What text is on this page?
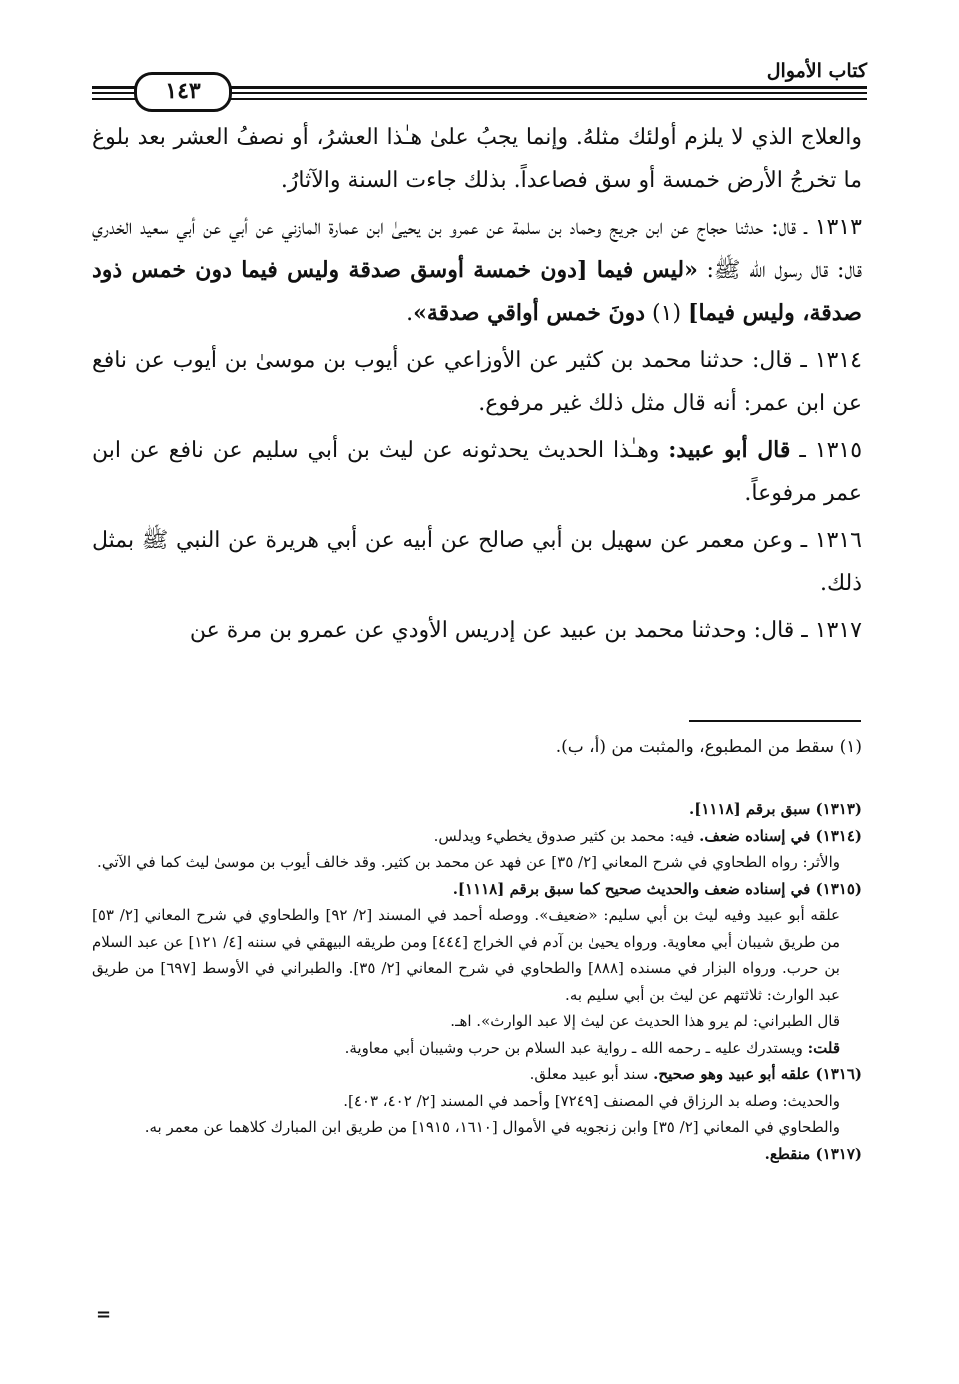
كتاب الأموال
١٤٣

والعلاج الذي لا يلزم أولئك مثلهُ. وإنما يجبُ علىٰ هـٰذا العشرُ، أو نصفُ العشر بعد بلوغ ما تخرجُ الأرض خمسة أو سق فصاعداً. بذلك جاءت السنة والآثارُ.

١٣١٣ ـ قال: حدثنا حجاج عن ابن جريج وحماد بن سلمة عن عمرو بن يحيىٰ ابن عمارة المازني عن أبي عن أبي سعيد الخدري قال: قال رسول الله ﷺ: «ليس فيما [دون خمسة أوسق صدقة وليس فيما دون خمس ذود صدقة، وليس فيما] (١) دونَ خمس أواقي صدقة».

١٣١٤ ـ قال: حدثنا محمد بن كثير عن الأوزاعي عن أيوب بن موسىٰ بن أيوب عن نافع عن ابن عمر: أنه قال مثل ذلك غير مرفوع.

١٣١٥ ـ قال أبو عبيد: وهـٰذا الحديث يحدثونه عن ليث بن أبي سليم عن نافع عن ابن عمر مرفوعاً.

١٣١٦ ـ وعن معمر عن سهيل بن أبي صالح عن أبيه عن أبي هريرة عن النبي ﷺ بمثل ذلك.

١٣١٧ ـ قال: وحدثنا محمد بن عبيد عن إدريس الأودي عن عمرو بن مرة عن

(١) سقط من المطبوع، والمثبت من (أ، ب).

(١٣١٣) سبق برقم [١١١٨].

(١٣١٤) في إسناده ضعف. فيه: محمد بن كثير صدوق يخطيء ويدلس.

والأثر: رواه الطحاوي في شرح المعاني [٢/ ٣٥] عن فهد عن محمد بن كثير. وقد خالف أيوب بن موسىٰ ليث كما في الآتي.

(١٣١٥) في إسناده ضعف والحديث صحيح كما سبق برقم [١١١٨].

علقه أبو عبيد وفيه ليث بن أبي سليم: «ضعيف». ووصله أحمد في المسند [٢/ ٩٢] والطحاوي في شرح المعاني [٢/ ٥٣] من طريق شيبان أبي معاوية. ورواه يحيىٰ بن آدم في الخراج [٤٤٤] ومن طريقه البيهقي في سننه [٤/ ١٢١] عن عبد السلام بن حرب. ورواه البزار في مسنده [٨٨٨] والطحاوي في شرح المعاني [٢/ ٣٥]. والطبراني في الأوسط [٦٩٧] من طريق عبد الوارث: ثلاثتهم عن ليث بن أبي سليم به.

قال الطبراني: لم يرو هذا الحديث عن ليث إلا عبد الوارث». اهـ.

قلت: ويستدرك عليه ـ رحمه الله ـ رواية عبد السلام بن حرب وشيبان أبي معاوية.

(١٣١٦) علقه أبو عبيد وهو صحيح. سند أبو عبيد معلق.

والحديث: وصله بد الرزاق في المصنف [٧٢٤٩] وأحمد في المسند [٢/ ٤٠٢، ٤٠٣].

والطحاوي في المعاني [٢/ ٣٥] وابن زنجويه في الأموال [١٦١٠، ١٩١٥] من طريق ابن المبارك كلاهما عن معمر به.

(١٣١٧) منقطع.

=
